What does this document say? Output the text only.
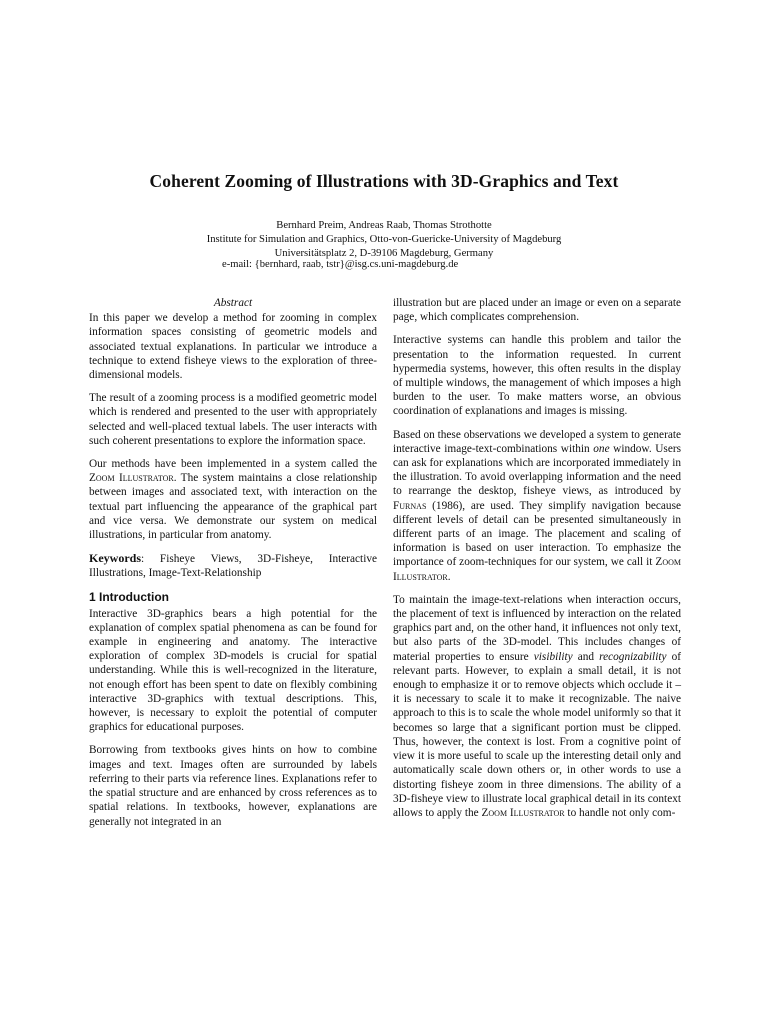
Coherent Zooming of Illustrations with 3D-Graphics and Text
Bernhard Preim, Andreas Raab, Thomas Strothotte
Institute for Simulation and Graphics, Otto-von-Guericke-University of Magdeburg
Universitätsplatz 2, D-39106 Magdeburg, Germany
e-mail: {bernhard, raab, tstr}@isg.cs.uni-magdeburg.de
Abstract

In this paper we develop a method for zooming in complex information spaces consisting of geometric models and associated textual explanations. In particular we introduce a technique to extend fisheye views to the exploration of three-dimensional models.

The result of a zooming process is a modified geometric model which is rendered and presented to the user with appropriately selected and well-placed textual labels. The user interacts with such coherent presentations to explore the information space.

Our methods have been implemented in a system called the Zoom Illustrator. The system maintains a close relationship between images and associated text, with interaction on the textual part influencing the appearance of the graphical part and vice versa. We demonstrate our system on medical illustrations, in particular from anatomy.

Keywords: Fisheye Views, 3D-Fisheye, Interactive Illustrations, Image-Text-Relationship

1 Introduction

Interactive 3D-graphics bears a high potential for the explanation of complex spatial phenomena as can be found for example in engineering and anatomy. The interactive exploration of complex 3D-models is crucial for spatial understanding. While this is well-recognized in the literature, not enough effort has been spent to date on flexibly combining interactive 3D-graphics with textual descriptions. This, however, is necessary to exploit the potential of computer graphics for educational purposes.

Borrowing from textbooks gives hints on how to combine images and text. Images often are surrounded by labels referring to their parts via reference lines. Explanations refer to the spatial structure and are enhanced by cross references as to spatial relations. In textbooks, however, explanations are generally not integrated in an

illustration but are placed under an image or even on a separate page, which complicates comprehension.

Interactive systems can handle this problem and tailor the presentation to the information requested. In current hypermedia systems, however, this often results in the display of multiple windows, the management of which imposes a high burden to the user. To make matters worse, an obvious coordination of explanations and images is missing.

Based on these observations we developed a system to generate interactive image-text-combinations within one window. Users can ask for explanations which are incorporated immediately in the illustration. To avoid overlapping information and the need to rearrange the desktop, fisheye views, as introduced by Furnas (1986), are used. They simplify navigation because different levels of detail can be presented simultaneously in different parts of an image. The placement and scaling of information is based on user interaction. To emphasize the importance of zoom-techniques for our system, we call it Zoom Illustrator.

To maintain the image-text-relations when interaction occurs, the placement of text is influenced by interaction on the related graphics part and, on the other hand, it influences not only text, but also parts of the 3D-model. This includes changes of material properties to ensure visibility and recognizability of relevant parts. However, to explain a small detail, it is not enough to emphasize it or to remove objects which occlude it – it is necessary to scale it to make it recognizable. The naive approach to this is to scale the whole model uniformly so that it becomes so large that a significant portion must be clipped. Thus, however, the context is lost. From a cognitive point of view it is more useful to scale up the interesting detail only and automatically scale down others or, in other words to use a distorting fisheye zoom in three dimensions. The ability of a 3D-fisheye view to illustrate local graphical detail in its context allows to apply the Zoom Illustrator to handle not only com-
